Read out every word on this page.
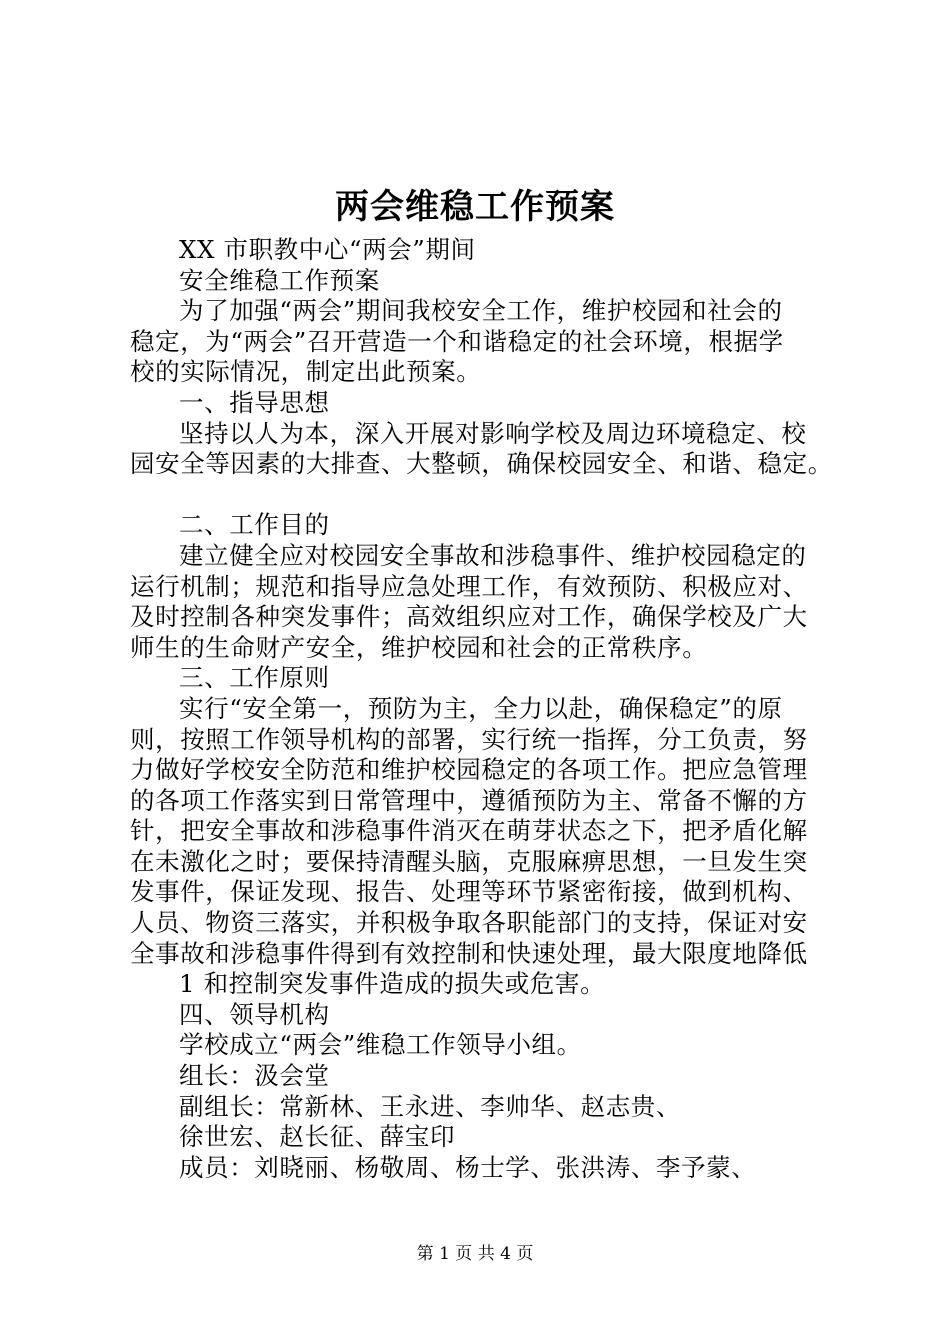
两会维稳工作预案
XX 市职教中心“两会”期间
安全维稳工作预案
为了加强“两会”期间我校安全工作，维护校园和社会的
稳定，为“两会”召开营造一个和谐稳定的社会环境，根据学
校的实际情况，制定出此预案。
一、指导思想
坚持以人为本，深入开展对影响学校及周边环境稳定、校
园安全等因素的大排查、大整顿，确保校园安全、和谐、稳定。
二、工作目的
建立健全应对校园安全事故和涉稳事件、维护校园稳定的
运行机制；规范和指导应急处理工作，有效预防、积极应对、
及时控制各种突发事件；高效组织应对工作，确保学校及广大
师生的生命财产安全，维护校园和社会的正常秩序。
三、工作原则
实行“安全第一，预防为主，全力以赴，确保稳定”的原
则，按照工作领导机构的部署，实行统一指挥，分工负责，努
力做好学校安全防范和维护校园稳定的各项工作。把应急管理
的各项工作落实到日常管理中，遵循预防为主、常备不懈的方
针，把安全事故和涉稳事件消灭在萌芽状态之下，把矛盾化解
在未激化之时；要保持清醒头脑，克服麻痹思想，一旦发生突
发事件，保证发现、报告、处理等环节紧密衔接，做到机构、
人员、物资三落实，并积极争取各职能部门的支持，保证对安
全事故和涉稳事件得到有效控制和快速处理，最大限度地降低
1 和控制突发事件造成的损失或危害。
四、领导机构
学校成立“两会”维稳工作领导小组。
组长：汲会堂
副组长：常新林、王永进、李帅华、赵志贵、
徐世宏、赵长征、薛宝印
成员：刘晓丽、杨敬周、杨士学、张洪涛、李予蒙、
第 1 页 共 4 页
